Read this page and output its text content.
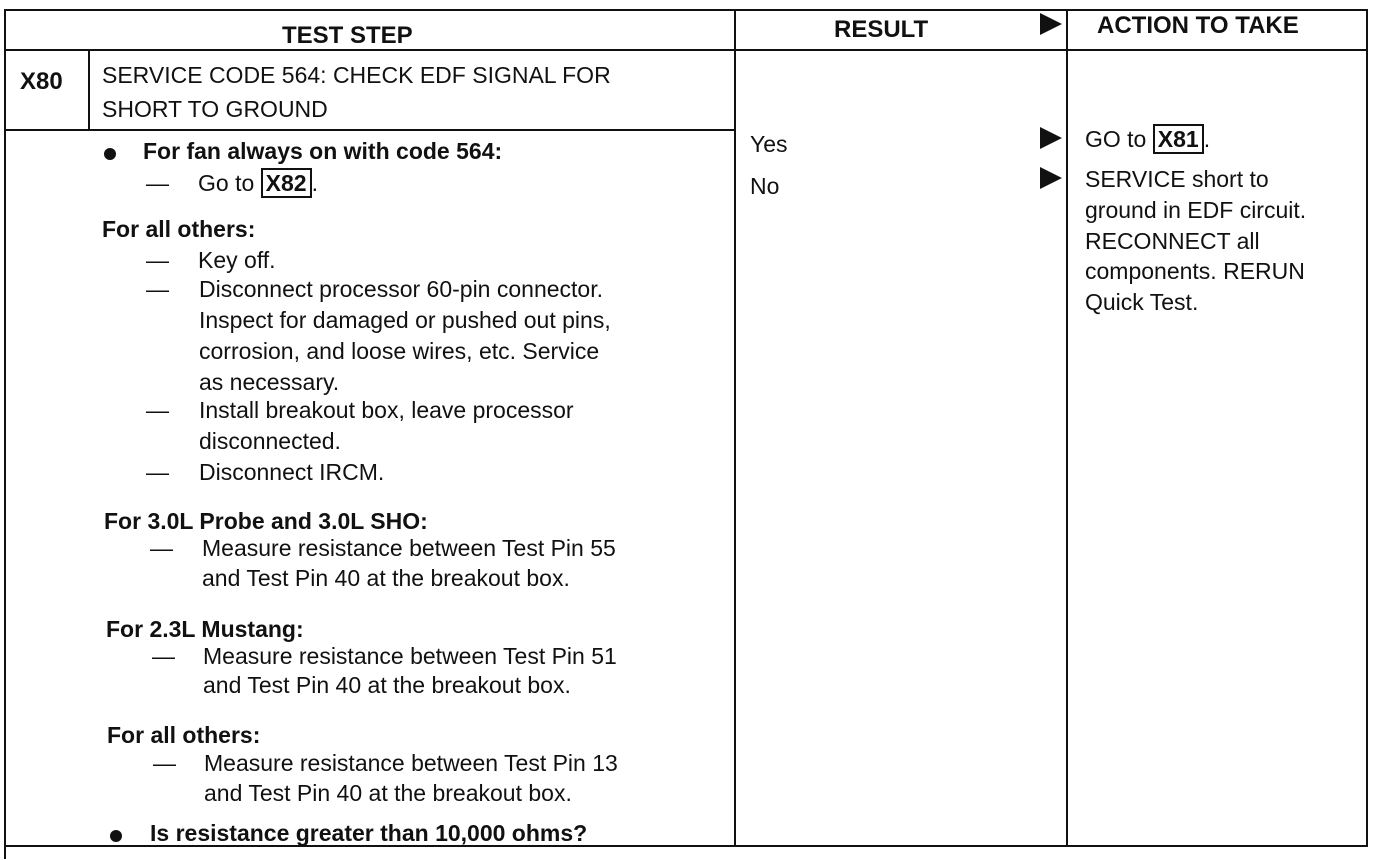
TEST STEP	RESULT	ACTION TO TAKE
X80 SERVICE CODE 564: CHECK EDF SIGNAL FOR
SHORT TO GROUND
For fan always on with code 564:
— Go to X82 .
For all others:
— Key off.
— Disconnect processor 60-pin connector.
Inspect for damaged or pushed out pins,
corrosion, and loose wires, etc. Service
as necessary.
— Install breakout box, leave processor
disconnected.
— Disconnect IRCM.
For 3.0L Probe and 3.0L SHO:
— Measure resistance between Test Pin 55
and Test Pin 40 at the breakout box.
For 2.3L Mustang:
— Measure resistance between Test Pin 51
and Test Pin 40 at the breakout box.
For all others:
— Measure resistance between Test Pin 13
and Test Pin 40 at the breakout box.
Is resistance greater than 10,000 ohms?
Yes
No
GO to X81 .
SERVICE short to
ground in EDF circuit.
RECONNECT all
components. RERUN
Quick Test.
